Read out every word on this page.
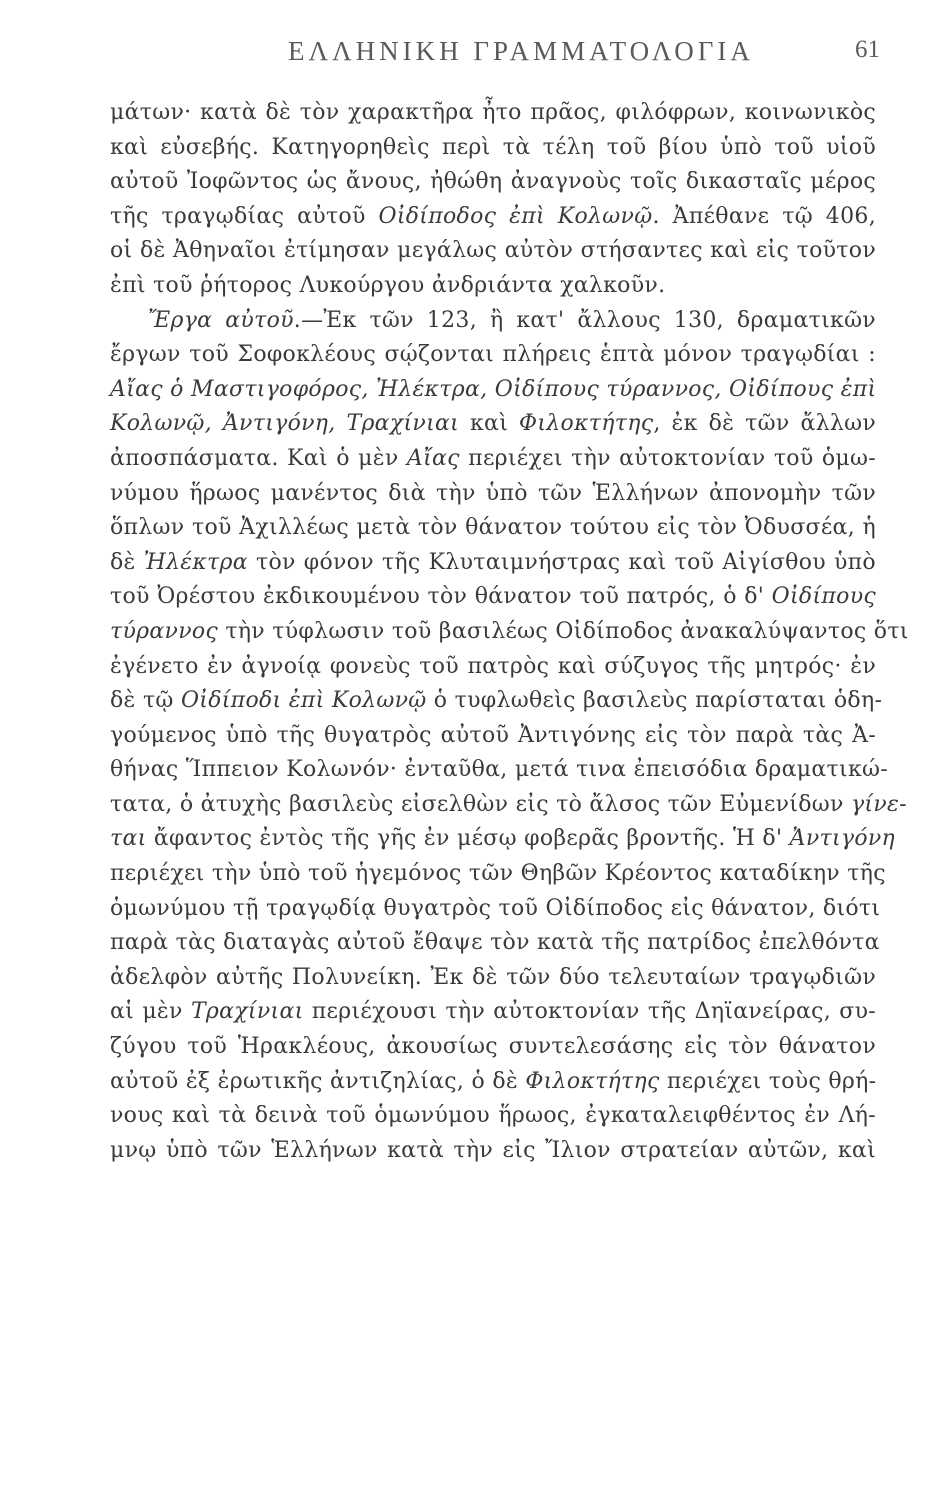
ΕΛΛΗΝΙΚΗ ΓΡΑΜΜΑΤΟΛΟΓΙΑ	61
μάτων· κατὰ δὲ τὸν χαρακτῆρα ἦτο πρᾶος, φιλόφρων, κοινωνικὸς
καὶ εὐσεβής. Κατηγορηθεὶς περὶ τὰ τέλη τοῦ βίου ὑπὸ τοῦ υἱοῦ
αὐτοῦ Ἰοφῶντος ὡς ἄνους, ἠθώθη ἀναγνοὺς τοῖς δικασταῖς μέρος
τῆς τραγῳδίας αὐτοῦ Οἰδίποδος ἐπὶ Κολωνῷ. Ἀπέθανε τῷ 406,
οἱ δὲ Ἀθηναῖοι ἐτίμησαν μεγάλως αὐτὸν στήσαντες καὶ εἰς τοῦτον
ἐπὶ τοῦ ῥήτορος Λυκούργου ἀνδριάντα χαλκοῦν.
Ἔργα αὐτοῦ.—Ἐκ τῶν 123, ἢ κατ' ἄλλους 130, δραματικῶν
ἔργων τοῦ Σοφοκλέους σῴζονται πλήρεις ἑπτὰ μόνον τραγῳδίαι :
Αἴας ὁ Μαστιγοφόρος, Ἠλέκτρα, Οἰδίπους τύραννος, Οἰδίπους ἐπὶ
Κολωνῷ, Ἀντιγόνη, Τραχίνιαι καὶ Φιλοκτήτης, ἐκ δὲ τῶν ἄλλων
ἀποσπάσματα. Καὶ ὁ μὲν Αἴας περιέχει τὴν αὐτοκτονίαν τοῦ ὁμω-
νύμου ἥρωος μανέντος διὰ τὴν ὑπὸ τῶν Ἑλλήνων ἀπονομὴν τῶν
ὅπλων τοῦ Ἀχιλλέως μετὰ τὸν θάνατον τούτου εἰς τὸν Ὀδυσσέα, ἡ
δὲ Ἠλέκτρα τὸν φόνον τῆς Κλυταιμνήστρας καὶ τοῦ Αἰγίσθου ὑπὸ
τοῦ Ὀρέστου ἐκδικουμένου τὸν θάνατον τοῦ πατρός, ὁ δ' Οἰδίπους
τύραννος τὴν τύφλωσιν τοῦ βασιλέως Οἰδίποδος ἀνακαλύψαντος ὅτι
ἐγένετο ἐν ἀγνοίᾳ φονεὺς τοῦ πατρὸς καὶ σύζυγος τῆς μητρός· ἐν
δὲ τῷ Οἰδίποδι ἐπὶ Κολωνῷ ὁ τυφλωθεὶς βασιλεὺς παρίσταται ὁδη-
γούμενος ὑπὸ τῆς θυγατρὸς αὐτοῦ Ἀντιγόνης εἰς τὸν παρὰ τὰς Ἀ-
θήνας Ἵππειον Κολωνόν· ἐνταῦθα, μετά τινα ἐπεισόδια δραματικώ-
τατα, ὁ ἀτυχὴς βασιλεὺς εἰσελθὼν εἰς τὸ ἄλσος τῶν Εὐμενίδων γίνε-
ται ἄφαντος ἐντὸς τῆς γῆς ἐν μέσῳ φοβερᾶς βροντῆς. Ἡ δ' Ἀντιγόνη
περιέχει τὴν ὑπὸ τοῦ ἡγεμόνος τῶν Θηβῶν Κρέοντος καταδίκην τῆς
ὁμωνύμου τῇ τραγῳδίᾳ θυγατρὸς τοῦ Οἰδίποδος εἰς θάνατον, διότι
παρὰ τὰς διαταγὰς αὐτοῦ ἔθαψε τὸν κατὰ τῆς πατρίδος ἐπελθόντα
ἀδελφὸν αὐτῆς Πολυνείκη. Ἐκ δὲ τῶν δύο τελευταίων τραγῳδιῶν
αἱ μὲν Τραχίνιαι περιέχουσι τὴν αὐτοκτονίαν τῆς Δηϊανείρας, συ-
ζύγου τοῦ Ἡρακλέους, ἀκουσίως συντελεσάσης εἰς τὸν θάνατον
αὐτοῦ ἐξ ἐρωτικῆς ἀντιζηλίας, ὁ δὲ Φιλοκτήτης περιέχει τοὺς θρή-
νους καὶ τὰ δεινὰ τοῦ ὁμωνύμου ἥρωος, ἐγκαταλειφθέντος ἐν Λή-
μνῳ ὑπὸ τῶν Ἑλλήνων κατὰ τὴν εἰς Ἴλιον στρατείαν αὐτῶν, καὶ
